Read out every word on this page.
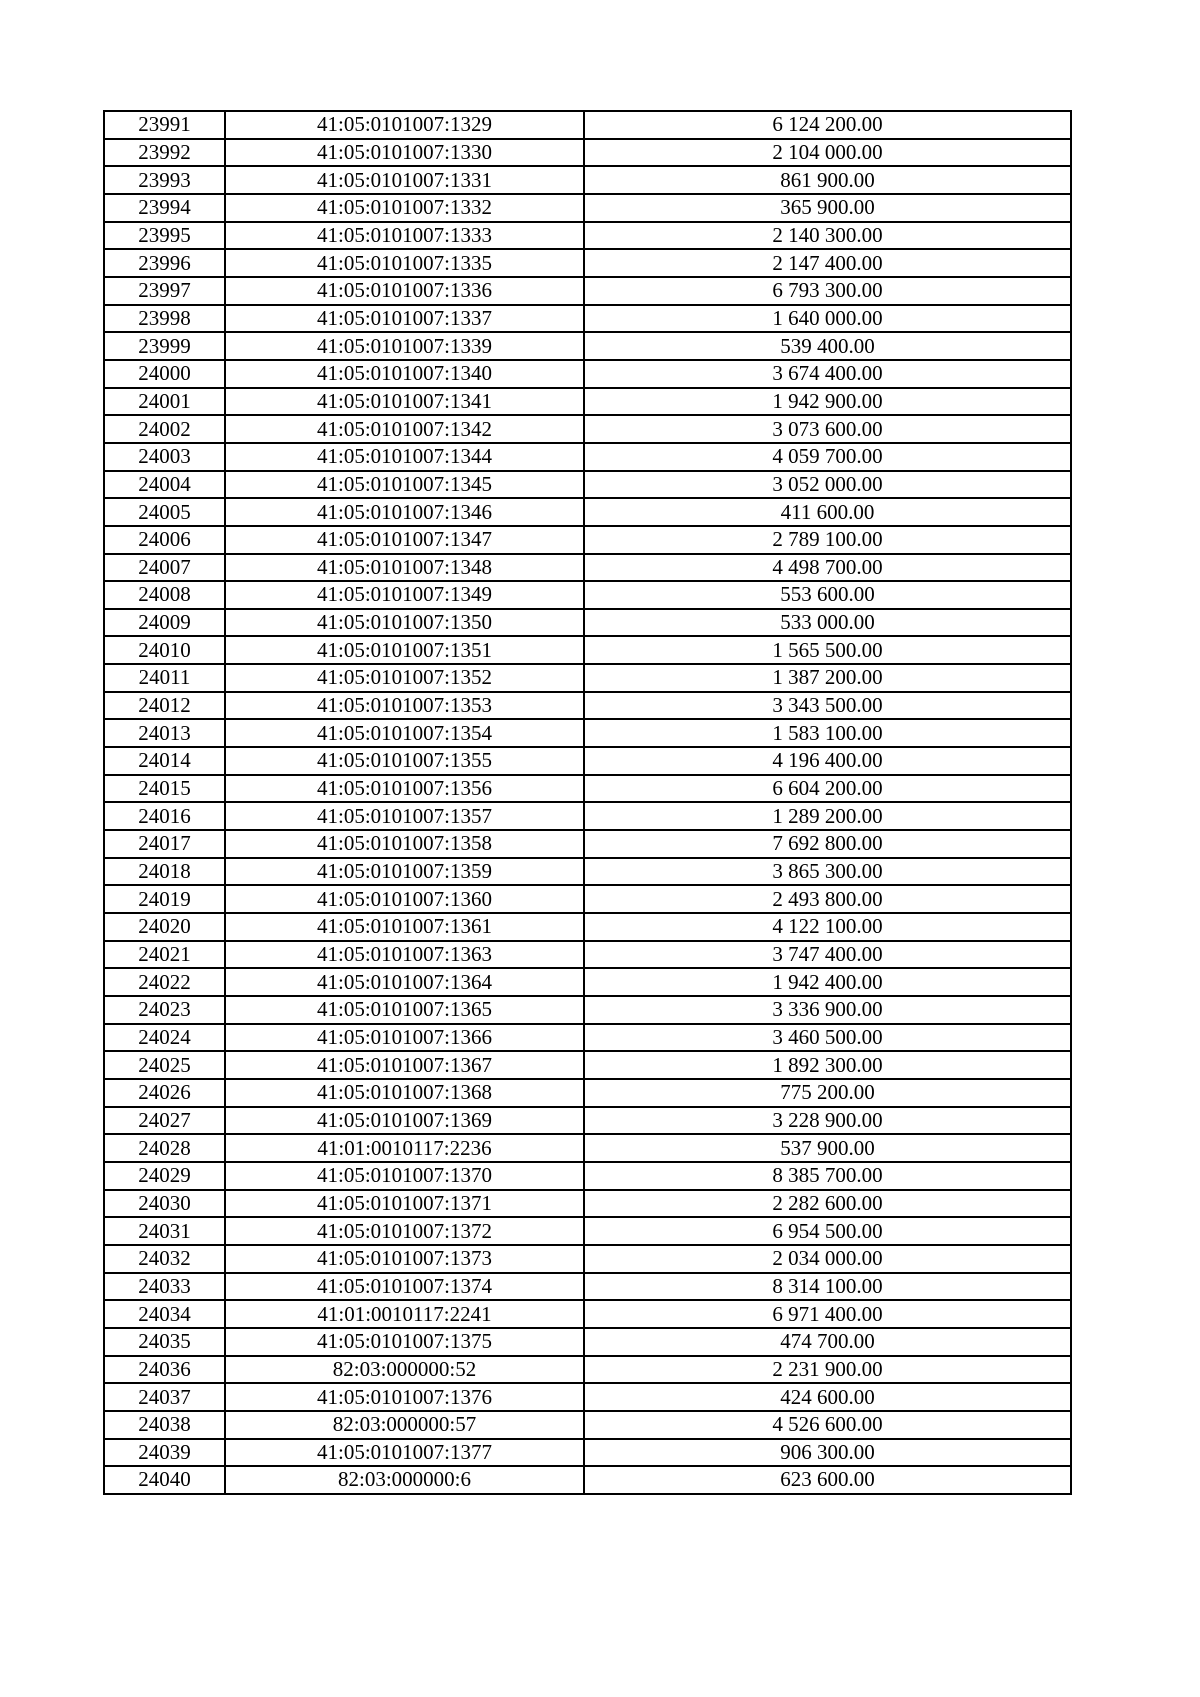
23991	41:05:0101007:1329	6 124 200.00
23992	41:05:0101007:1330	2 104 000.00
23993	41:05:0101007:1331	861 900.00
23994	41:05:0101007:1332	365 900.00
23995	41:05:0101007:1333	2 140 300.00
23996	41:05:0101007:1335	2 147 400.00
23997	41:05:0101007:1336	6 793 300.00
23998	41:05:0101007:1337	1 640 000.00
23999	41:05:0101007:1339	539 400.00
24000	41:05:0101007:1340	3 674 400.00
24001	41:05:0101007:1341	1 942 900.00
24002	41:05:0101007:1342	3 073 600.00
24003	41:05:0101007:1344	4 059 700.00
24004	41:05:0101007:1345	3 052 000.00
24005	41:05:0101007:1346	411 600.00
24006	41:05:0101007:1347	2 789 100.00
24007	41:05:0101007:1348	4 498 700.00
24008	41:05:0101007:1349	553 600.00
24009	41:05:0101007:1350	533 000.00
24010	41:05:0101007:1351	1 565 500.00
24011	41:05:0101007:1352	1 387 200.00
24012	41:05:0101007:1353	3 343 500.00
24013	41:05:0101007:1354	1 583 100.00
24014	41:05:0101007:1355	4 196 400.00
24015	41:05:0101007:1356	6 604 200.00
24016	41:05:0101007:1357	1 289 200.00
24017	41:05:0101007:1358	7 692 800.00
24018	41:05:0101007:1359	3 865 300.00
24019	41:05:0101007:1360	2 493 800.00
24020	41:05:0101007:1361	4 122 100.00
24021	41:05:0101007:1363	3 747 400.00
24022	41:05:0101007:1364	1 942 400.00
24023	41:05:0101007:1365	3 336 900.00
24024	41:05:0101007:1366	3 460 500.00
24025	41:05:0101007:1367	1 892 300.00
24026	41:05:0101007:1368	775 200.00
24027	41:05:0101007:1369	3 228 900.00
24028	41:01:0010117:2236	537 900.00
24029	41:05:0101007:1370	8 385 700.00
24030	41:05:0101007:1371	2 282 600.00
24031	41:05:0101007:1372	6 954 500.00
24032	41:05:0101007:1373	2 034 000.00
24033	41:05:0101007:1374	8 314 100.00
24034	41:01:0010117:2241	6 971 400.00
24035	41:05:0101007:1375	474 700.00
24036	82:03:000000:52	2 231 900.00
24037	41:05:0101007:1376	424 600.00
24038	82:03:000000:57	4 526 600.00
24039	41:05:0101007:1377	906 300.00
24040	82:03:000000:6	623 600.00
